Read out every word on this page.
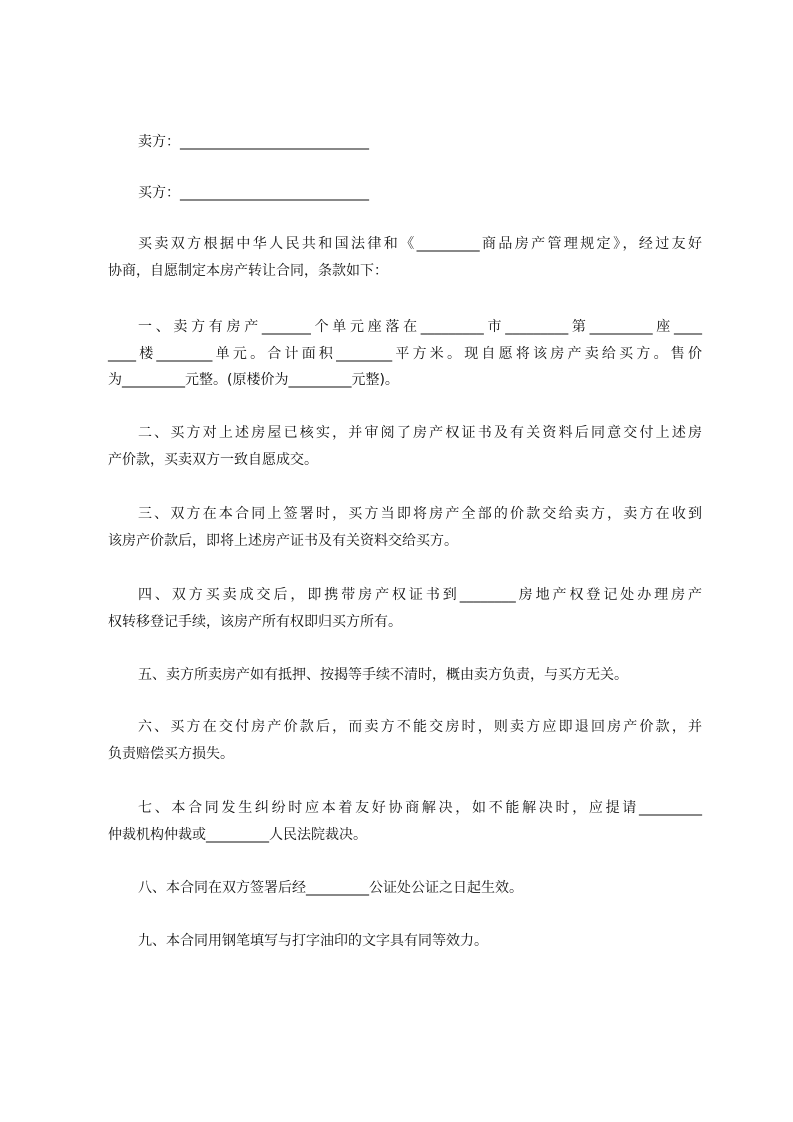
卖方：___________________________
买方：___________________________
买卖双方根据中华人民共和国法律和《_________商品房产管理规定》，经过友好
协商，自愿制定本房产转让合同，条款如下：
一、卖方有房产_______个单元座落在_________市_________第_________座____
____楼________单元。合计面积________平方米。现自愿将该房产卖给买方。售价
为_________元整。(原楼价为_________元整)。
二、买方对上述房屋已核实，并审阅了房产权证书及有关资料后同意交付上述房
产价款，买卖双方一致自愿成交。
三、双方在本合同上签署时，买方当即将房产全部的价款交给卖方，卖方在收到
该房产价款后，即将上述房产证书及有关资料交给买方。
四、双方买卖成交后，即携带房产权证书到________房地产权登记处办理房产
权转移登记手续，该房产所有权即归买方所有。
五、卖方所卖房产如有抵押、按揭等手续不清时，概由卖方负责，与买方无关。
六、买方在交付房产价款后，而卖方不能交房时，则卖方应即退回房产价款，并
负责赔偿买方损失。
七、本合同发生纠纷时应本着友好协商解决，如不能解决时，应提请_________
仲裁机构仲裁或_________人民法院裁决。
八、本合同在双方签署后经_________公证处公证之日起生效。
九、本合同用钢笔填写与打字油印的文字具有同等效力。
